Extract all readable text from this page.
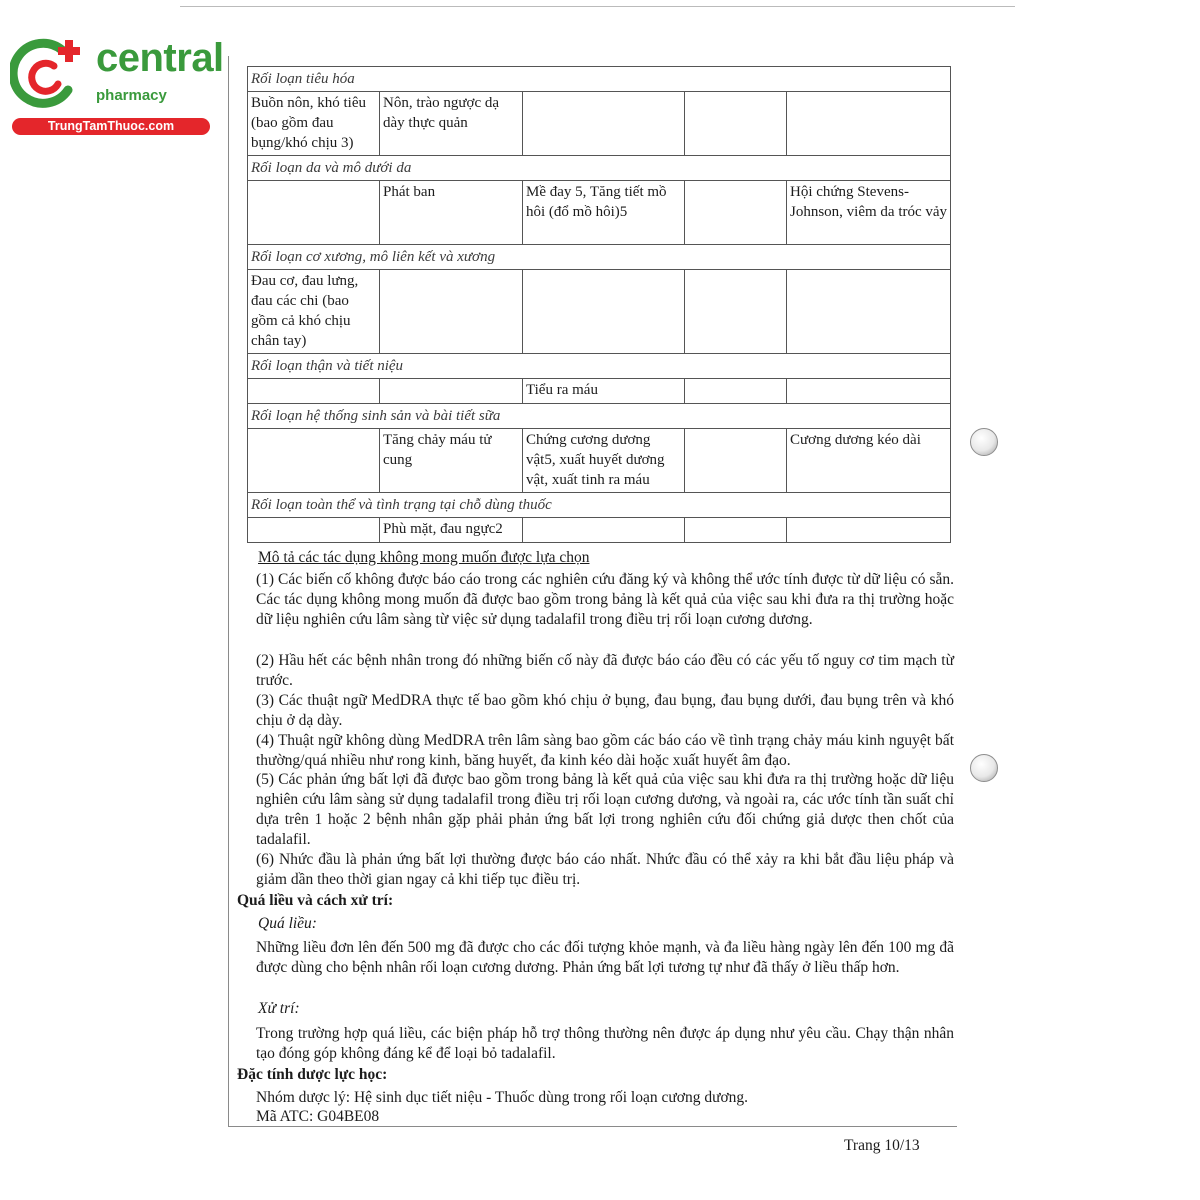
central
pharmacy
TrungTamThuoc.com
Rối loạn tiêu hóa				
Buồn nôn, khó tiêu (bao gồm đau bụng/khó chịu 3)	Nôn, trào ngược dạ dày thực quản			
Rối loạn da và mô dưới da				
	Phát ban	Mề đay 5, Tăng tiết mồ hôi (đổ mồ hôi)5		Hội chứng Stevens-Johnson, viêm da tróc vảy
Rối loạn cơ xương, mô liên kết và xương				
Đau cơ, đau lưng, đau các chi (bao gồm cả khó chịu chân tay)				
Rối loạn thận và tiết niệu				
		Tiểu ra máu		
Rối loạn hệ thống sinh sản và bài tiết sữa				
	Tăng chảy máu tử cung	Chứng cương dương vật5, xuất huyết dương vật, xuất tinh ra máu		Cương dương kéo dài
Rối loạn toàn thể và tình trạng tại chỗ dùng thuốc				
	Phù mặt, đau ngực2			
Mô tả các tác dụng không mong muốn được lựa chọn
(1) Các biến cố không được báo cáo trong các nghiên cứu đăng ký và không thể ước tính được từ dữ liệu có sẵn. Các tác dụng không mong muốn đã được bao gồm trong bảng là kết quả của việc sau khi đưa ra thị trường hoặc dữ liệu nghiên cứu lâm sàng từ việc sử dụng tadalafil trong điều trị rối loạn cương dương.
(2) Hầu hết các bệnh nhân trong đó những biến cố này đã được báo cáo đều có các yếu tố nguy cơ tim mạch từ trước.
(3) Các thuật ngữ MedDRA thực tế bao gồm khó chịu ở bụng, đau bụng, đau bụng dưới, đau bụng trên và khó chịu ở dạ dày.
(4) Thuật ngữ không dùng MedDRA trên lâm sàng bao gồm các báo cáo về tình trạng chảy máu kinh nguyệt bất thường/quá nhiều như rong kinh, băng huyết, đa kinh kéo dài hoặc xuất huyết âm đạo.
(5) Các phản ứng bất lợi đã được bao gồm trong bảng là kết quả của việc sau khi đưa ra thị trường hoặc dữ liệu nghiên cứu lâm sàng sử dụng tadalafil trong điều trị rối loạn cương dương, và ngoài ra, các ước tính tần suất chỉ dựa trên 1 hoặc 2 bệnh nhân gặp phải phản ứng bất lợi trong nghiên cứu đối chứng giả dược then chốt của tadalafil.
(6) Nhức đầu là phản ứng bất lợi thường được báo cáo nhất. Nhức đầu có thể xảy ra khi bắt đầu liệu pháp và giảm dần theo thời gian ngay cả khi tiếp tục điều trị.
Quá liều và cách xử trí:
Quá liều:
Những liều đơn lên đến 500 mg đã được cho các đối tượng khỏe mạnh, và đa liều hàng ngày lên đến 100 mg đã được dùng cho bệnh nhân rối loạn cương dương. Phản ứng bất lợi tương tự như đã thấy ở liều thấp hơn.
Xử trí:
Trong trường hợp quá liều, các biện pháp hỗ trợ thông thường nên được áp dụng như yêu cầu. Chạy thận nhân tạo đóng góp không đáng kể để loại bỏ tadalafil.
Đặc tính dược lực học:
Nhóm dược lý: Hệ sinh dục tiết niệu - Thuốc dùng trong rối loạn cương dương.
Mã ATC: G04BE08
Trang 10/13
